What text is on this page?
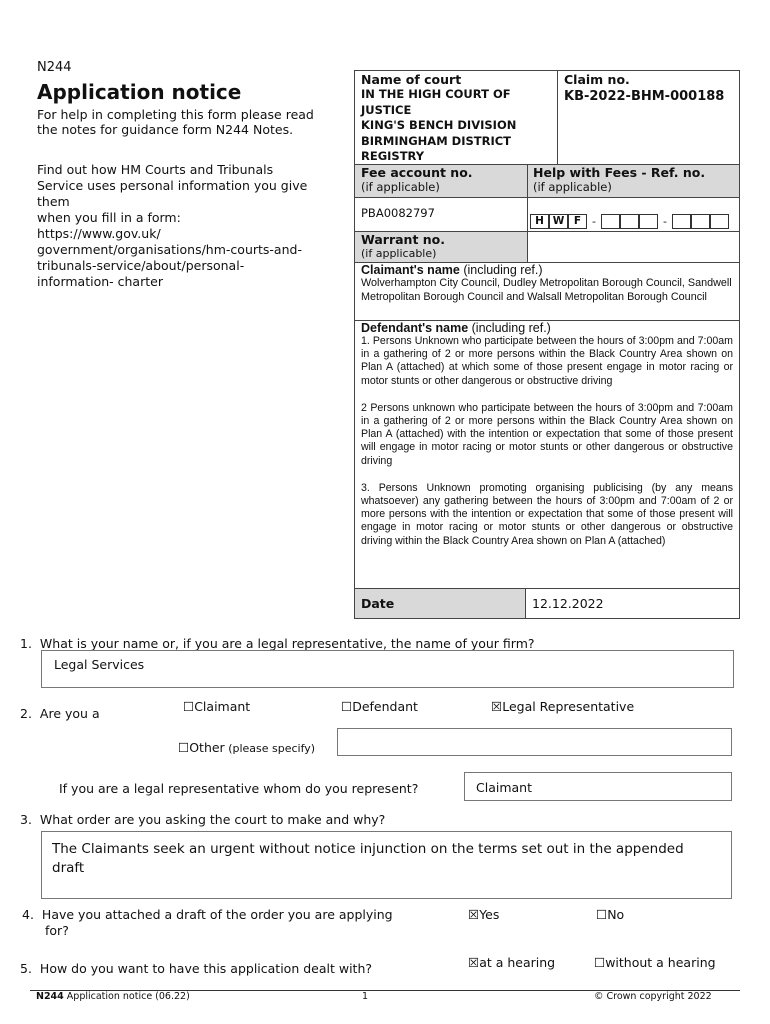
N244
Application notice
For help in completing this form please read the notes for guidance form N244 Notes.
Find out how HM Courts and Tribunals
Service uses personal information you give
them
when you fill in a form:
https://www.gov.uk/
government/organisations/hm-courts-and-
tribunals-service/about/personal-
information- charter
Name of court
IN THE HIGH COURT OF
JUSTICE
KING'S BENCH DIVISION
BIRMINGHAM DISTRICT
REGISTRY
Claim no.
KB-2022-BHM-000188
Fee account no.
(if applicable)
Help with Fees - Ref. no.
(if applicable)
PBA0082797
H W F -	-
Warrant no.
(if applicable)
Claimant's name (including ref.)
Wolverhampton City Council, Dudley Metropolitan Borough Council, Sandwell Metropolitan Borough Council and Walsall Metropolitan Borough Council
Defendant's name (including ref.)

1. Persons Unknown who participate between the hours of 3:00pm and 7:00am in a gathering of 2 or more persons within the Black Country Area shown on Plan A (attached) at which some of those present engage in motor racing or motor stunts or other dangerous or obstructive driving

2 Persons unknown who participate between the hours of 3:00pm and 7:00am in a gathering of 2 or more persons within the Black Country Area shown on Plan A (attached) with the intention or expectation that some of those present will engage in motor racing or motor stunts or other dangerous or obstructive driving

3. Persons Unknown promoting organising publicising (by any means whatsoever) any gathering between the hours of 3:00pm and 7:00am of 2 or more persons with the intention or expectation that some of those present will engage in motor racing or motor stunts or other dangerous or obstructive driving within the Black Country Area shown on Plan A (attached)

Date	12.12.2022
1. What is your name or, if you are a legal representative, the name of your firm?
Legal Services
2. Are you a	☐Claimant	☐Defendant	☒Legal Representative
☐Other (please specify)
If you are a legal representative whom do you represent?	Claimant
3. What order are you asking the court to make and why?
The Claimants seek an urgent without notice injunction on the terms set out in the appended draft
4. Have you attached a draft of the order you are applying
for?
☒Yes	☐No
5. How do you want to have this application dealt with?	☒at a hearing	☐without a hearing
N244 Application notice (06.22)	1	© Crown copyright 2022
